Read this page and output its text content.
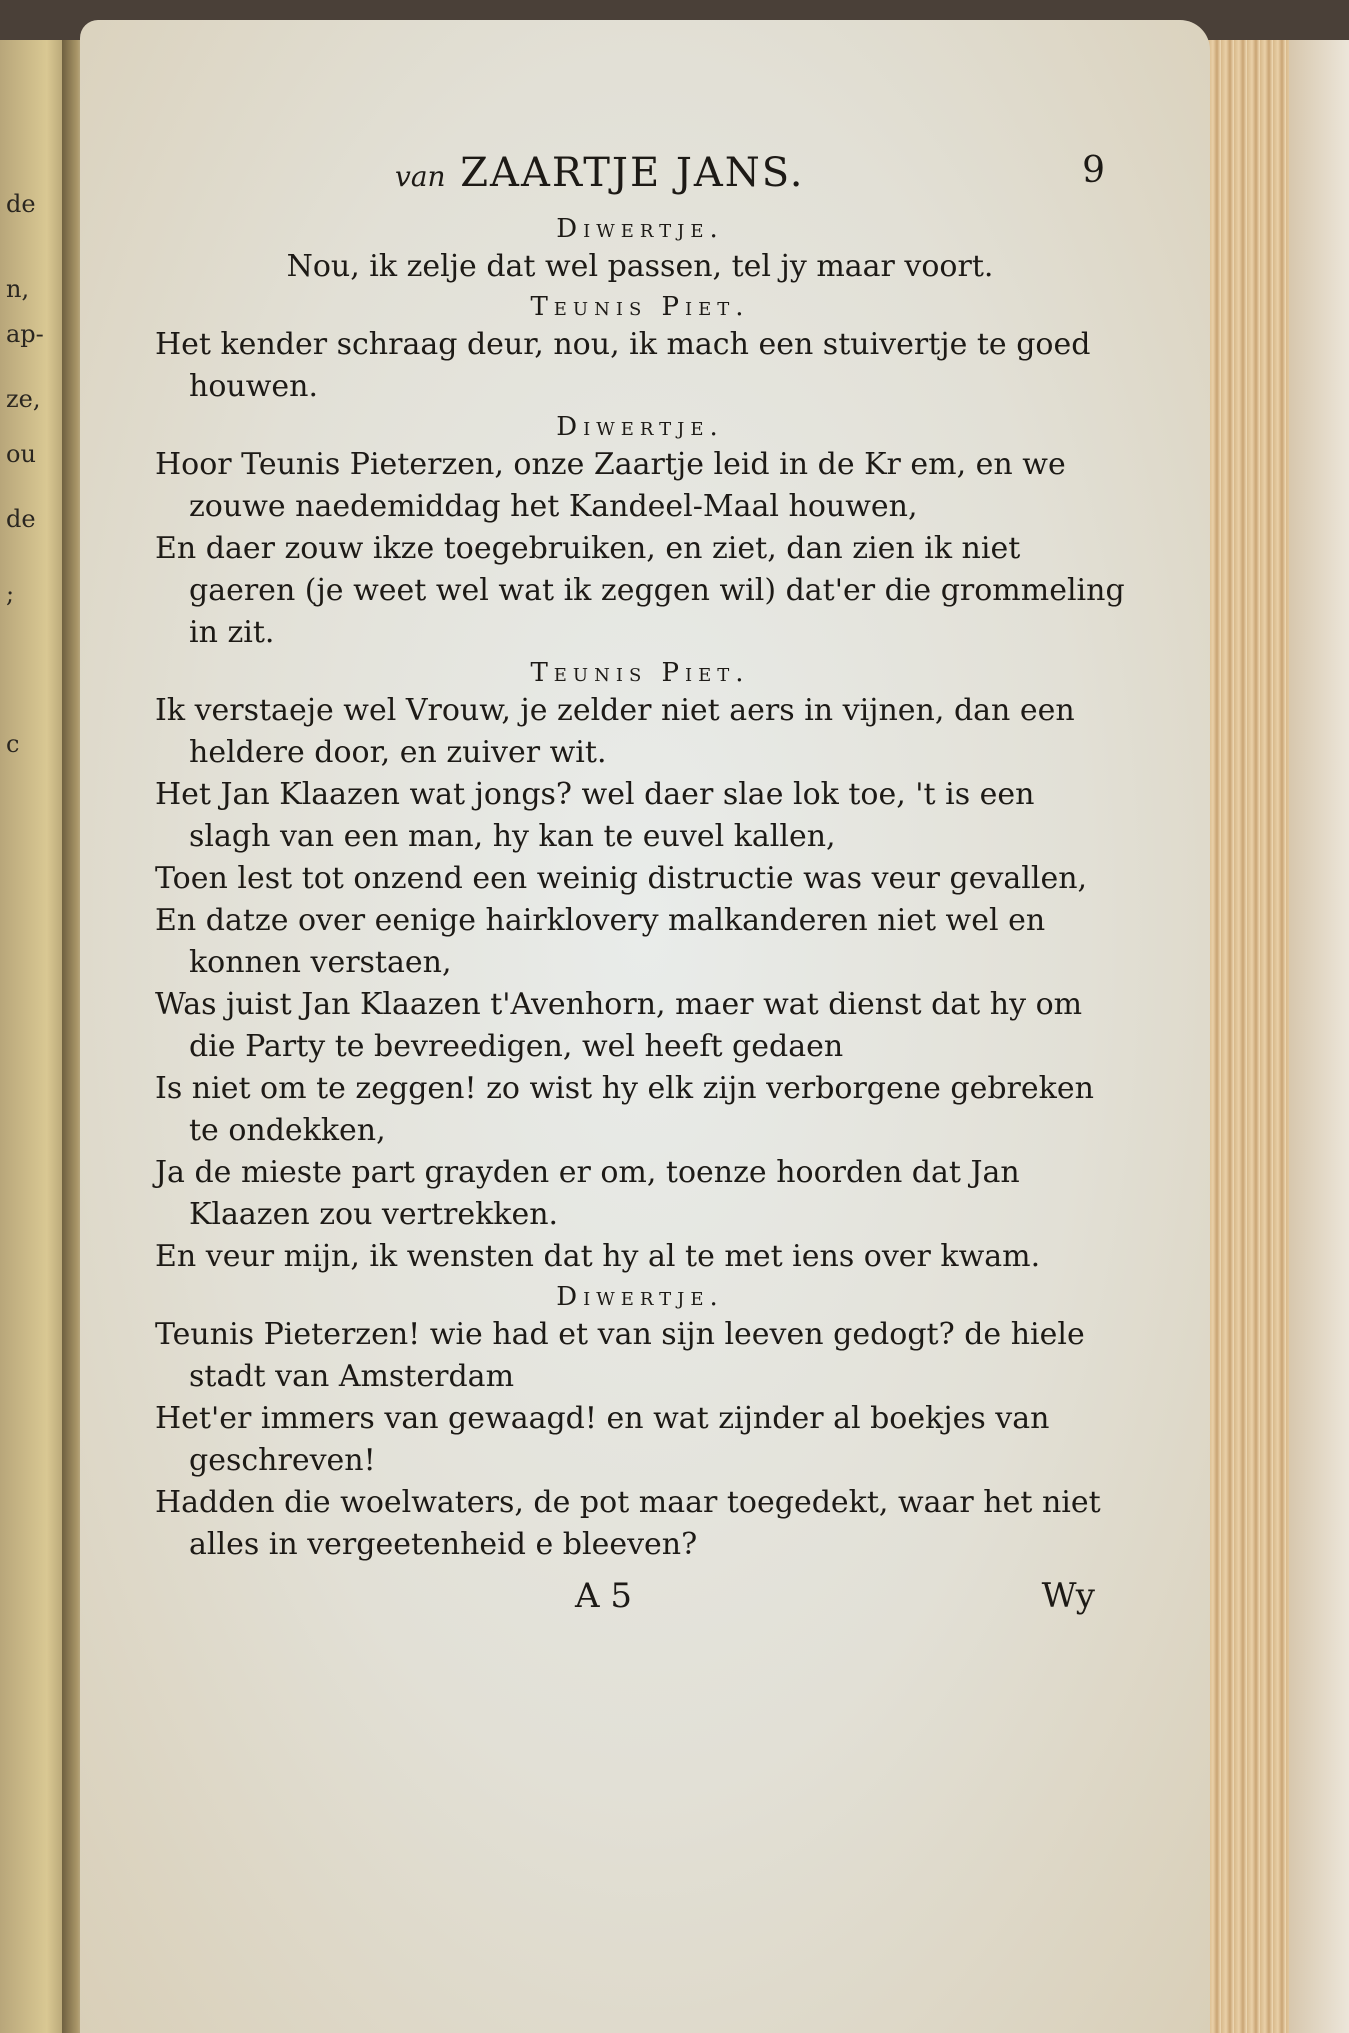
de
n,
ap-
ze,
ou
de
;
c
van ZAARTJE JANS.	9
Diwertje.
Nou, ik zelje dat wel passen, tel jy maar voort.
Teunis Piet.
Het kender schraag deur, nou, ik mach een stuivertje te goed houwen.
Diwertje.
Hoor Teunis Pieterzen, onze Zaartje leid in de Kr em, en we zouwe naedemiddag het Kandeel-Maal houwen,
En daer zouw ikze toegebruiken, en ziet, dan zien ik niet gaeren (je weet wel wat ik zeggen wil) dat'er die grommeling in zit.
Teunis Piet.
Ik verstaeje wel Vrouw, je zelder niet aers in vijnen, dan een heldere door, en zuiver wit.
Het Jan Klaazen wat jongs? wel daer slae lok toe, 't is een slagh van een man, hy kan te euvel kallen,
Toen lest tot onzend een weinig distructie was veur gevallen,
En datze over eenige hairklovery malkanderen niet wel en konnen verstaen,
Was juist Jan Klaazen t'Avenhorn, maer wat dienst dat hy om die Party te bevreedigen, wel heeft gedaen
Is niet om te zeggen! zo wist hy elk zijn verborgene gebreken te ondekken,
Ja de mieste part grayden er om, toenze hoorden dat Jan Klaazen zou vertrekken.
En veur mijn, ik wensten dat hy al te met iens over kwam.
Diwertje.
Teunis Pieterzen! wie had et van sijn leeven gedogt? de hiele stadt van Amsterdam
Het'er immers van gewaagd! en wat zijnder al boekjes van geschreven!
Hadden die woelwaters, de pot maar toegedekt, waar het niet alles in vergeetenheid e bleeven?
A 5	Wy
